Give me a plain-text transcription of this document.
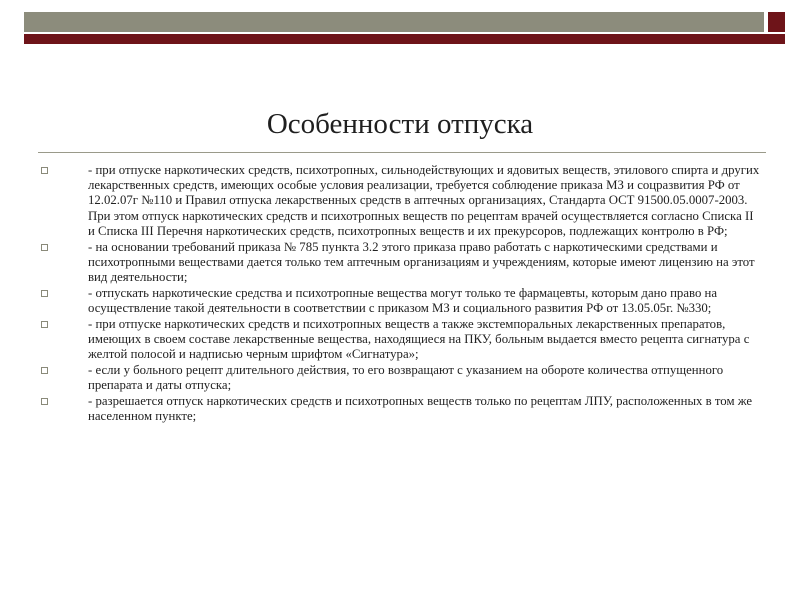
Особенности отпуска
- при отпуске наркотических средств, психотропных, сильнодействующих и ядовитых веществ, этилового спирта и других лекарственных средств, имеющих особые условия реализации, требуется соблюдение приказа МЗ и соцразвития РФ от 12.02.07г №110 и Правил отпуска лекарственных средств в аптечных организациях, Стандарта ОСТ 91500.05.0007-2003. При этом отпуск наркотических средств и психотропных веществ по рецептам врачей осуществляется согласно Списка II и Списка III Перечня наркотических средств, психотропных веществ и их прекурсоров, подлежащих контролю в РФ;
- на основании требований приказа № 785 пункта 3.2 этого приказа право работать с наркотическими средствами и психотропными веществами дается только тем аптечным организациям и учреждениям, которые имеют лицензию на этот вид деятельности;
- отпускать наркотические средства и психотропные вещества могут только те фармацевты, которым дано право на осуществление такой деятельности в соответствии с приказом МЗ и социального развития РФ от 13.05.05г. №330;
- при отпуске наркотических средств и психотропных веществ а также экстемпоральных лекарственных препаратов, имеющих в своем составе лекарственные вещества, находящиеся на ПКУ, больным выдается вместо рецепта сигнатура с желтой полосой и надписью черным шрифтом «Сигнатура»;
- если у больного рецепт длительного действия, то его возвращают с указанием на обороте количества отпущенного препарата и даты отпуска;
- разрешается отпуск наркотических средств и психотропных веществ только по рецептам ЛПУ, расположенных в том же населенном пункте;
